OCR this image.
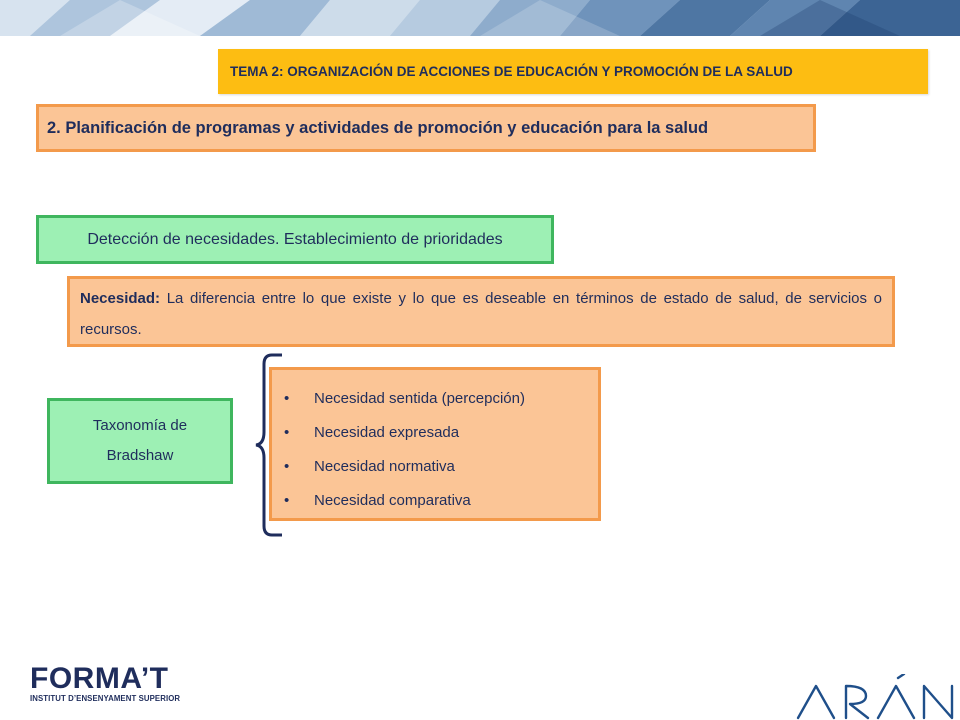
TEMA 2: ORGANIZACIÓN DE ACCIONES DE EDUCACIÓN Y PROMOCIÓN DE LA SALUD
2. Planificación de programas y actividades de promoción y educación para la salud
Detección de necesidades. Establecimiento de prioridades
Necesidad: La diferencia entre lo que existe y lo que es deseable en términos de estado de salud, de servicios o recursos.
Taxonomía de Bradshaw
•	Necesidad sentida (percepción)
•	Necesidad expresada
•	Necesidad normativa
•	Necesidad comparativa
FORMA’T
INSTITUT D’ENSENYAMENT SUPERIOR
